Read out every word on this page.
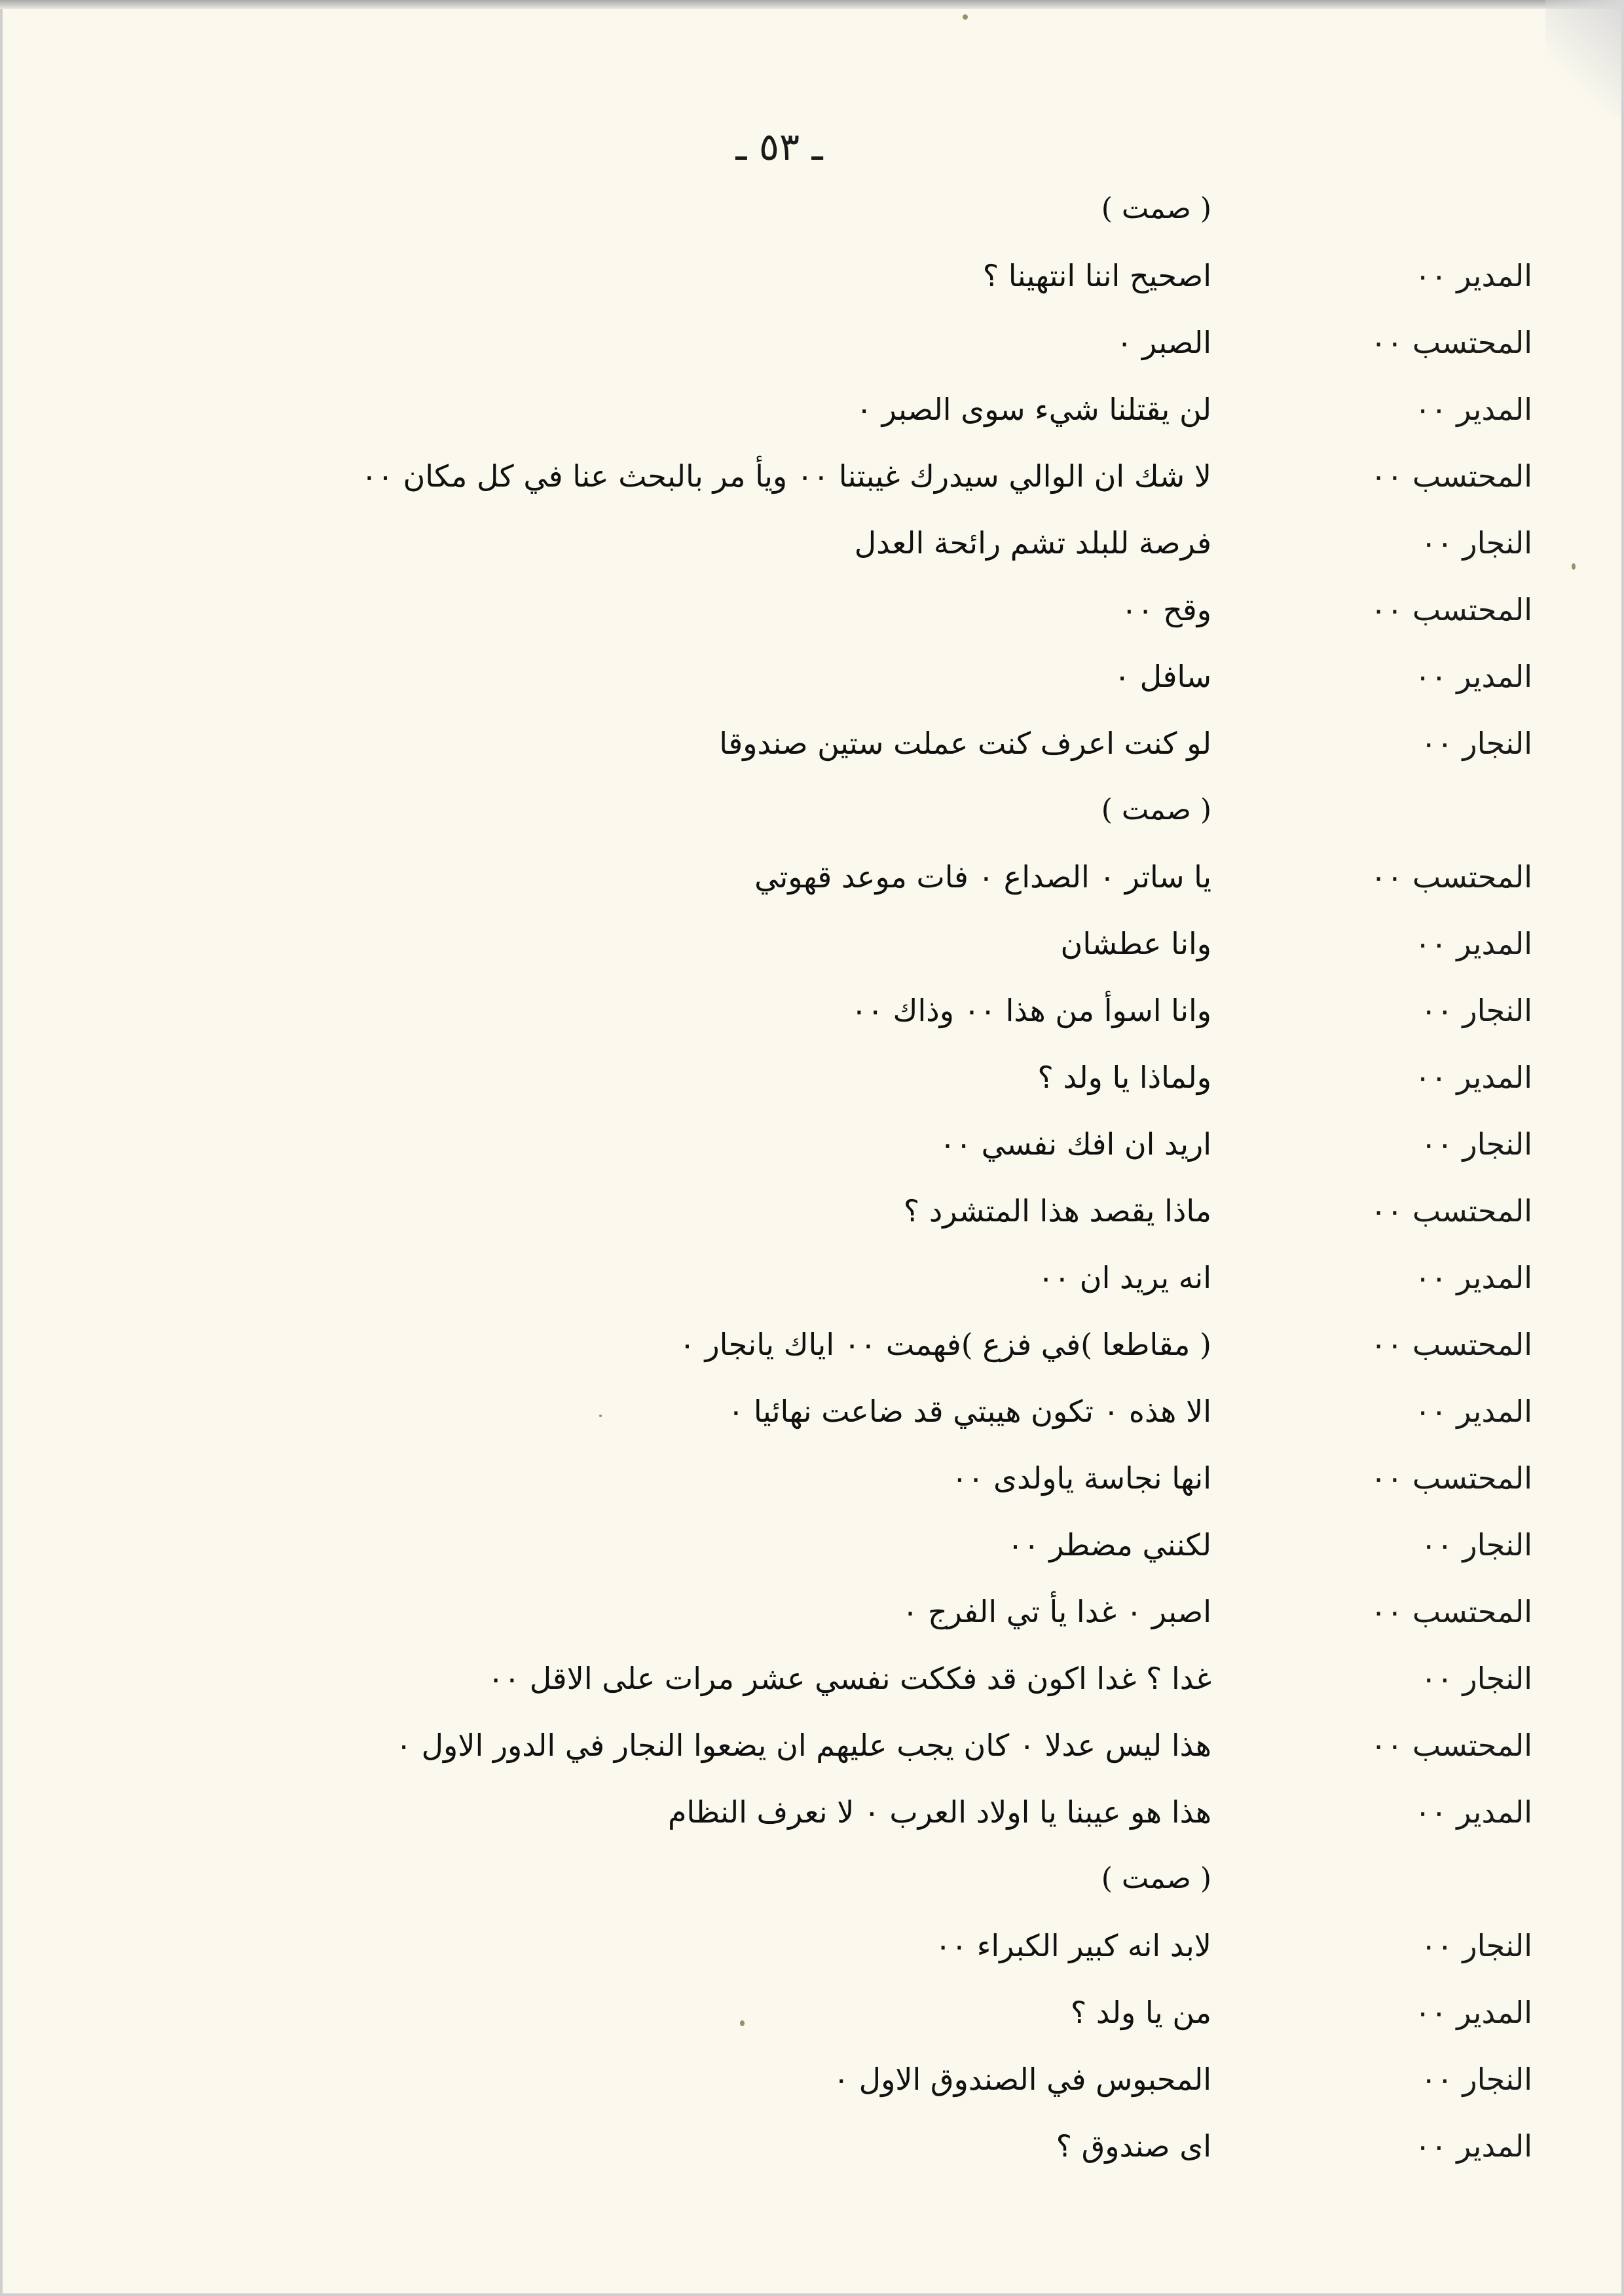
ـ ٥٣ ـ
( صمت )
المدير ٠٠
اصحيح اننا انتهينا ؟
المحتسب ٠٠
الصبر ٠
المدير ٠٠
لن يقتلنا شيء سوى الصبر ٠
المحتسب ٠٠
لا شك ان الوالي سيدرك غيبتنا ٠٠ ويأ مر بالبحث عنا في كل مكان ٠٠
النجار ٠٠
فرصة للبلد تشم رائحة العدل
المحتسب ٠٠
وقح ٠٠
المدير ٠٠
سافل ٠
النجار ٠٠
لو كنت اعرف كنت عملت ستين صندوقا
( صمت )
المحتسب ٠٠
يا ساتر ٠ الصداع ٠ فات موعد قهوتي
المدير ٠٠
وانا عطشان
النجار ٠٠
وانا اسوأ من هذا ٠٠ وذاك ٠٠
المدير ٠٠
ولماذا يا ولد ؟
النجار ٠٠
اريد ان افك نفسي ٠٠
المحتسب ٠٠
ماذا يقصد هذا المتشرد ؟
المدير ٠٠
انه يريد ان ٠٠
المحتسب ٠٠
( مقاطعا )في فزع )فهمت ٠٠ اياك يانجار ٠
المدير ٠٠
الا هذه ٠ تكون هيبتي قد ضاعت نهائيا ٠
المحتسب ٠٠
انها نجاسة ياولدى ٠٠
النجار ٠٠
لكنني مضطر ٠٠
المحتسب ٠٠
اصبر ٠ غدا يأ تي الفرج ٠
النجار ٠٠
غدا ؟ غدا اكون قد فككت نفسي عشر مرات على الاقل ٠٠
المحتسب ٠٠
هذا ليس عدلا ٠ كان يجب عليهم ان يضعوا النجار في الدور الاول ٠
المدير ٠٠
هذا هو عيبنا يا اولاد العرب ٠ لا نعرف النظام
( صمت )
النجار ٠٠
لابد انه كبير الكبراء ٠٠
المدير ٠٠
من يا ولد ؟
النجار ٠٠
المحبوس في الصندوق الاول ٠
المدير ٠٠
اى صندوق ؟
